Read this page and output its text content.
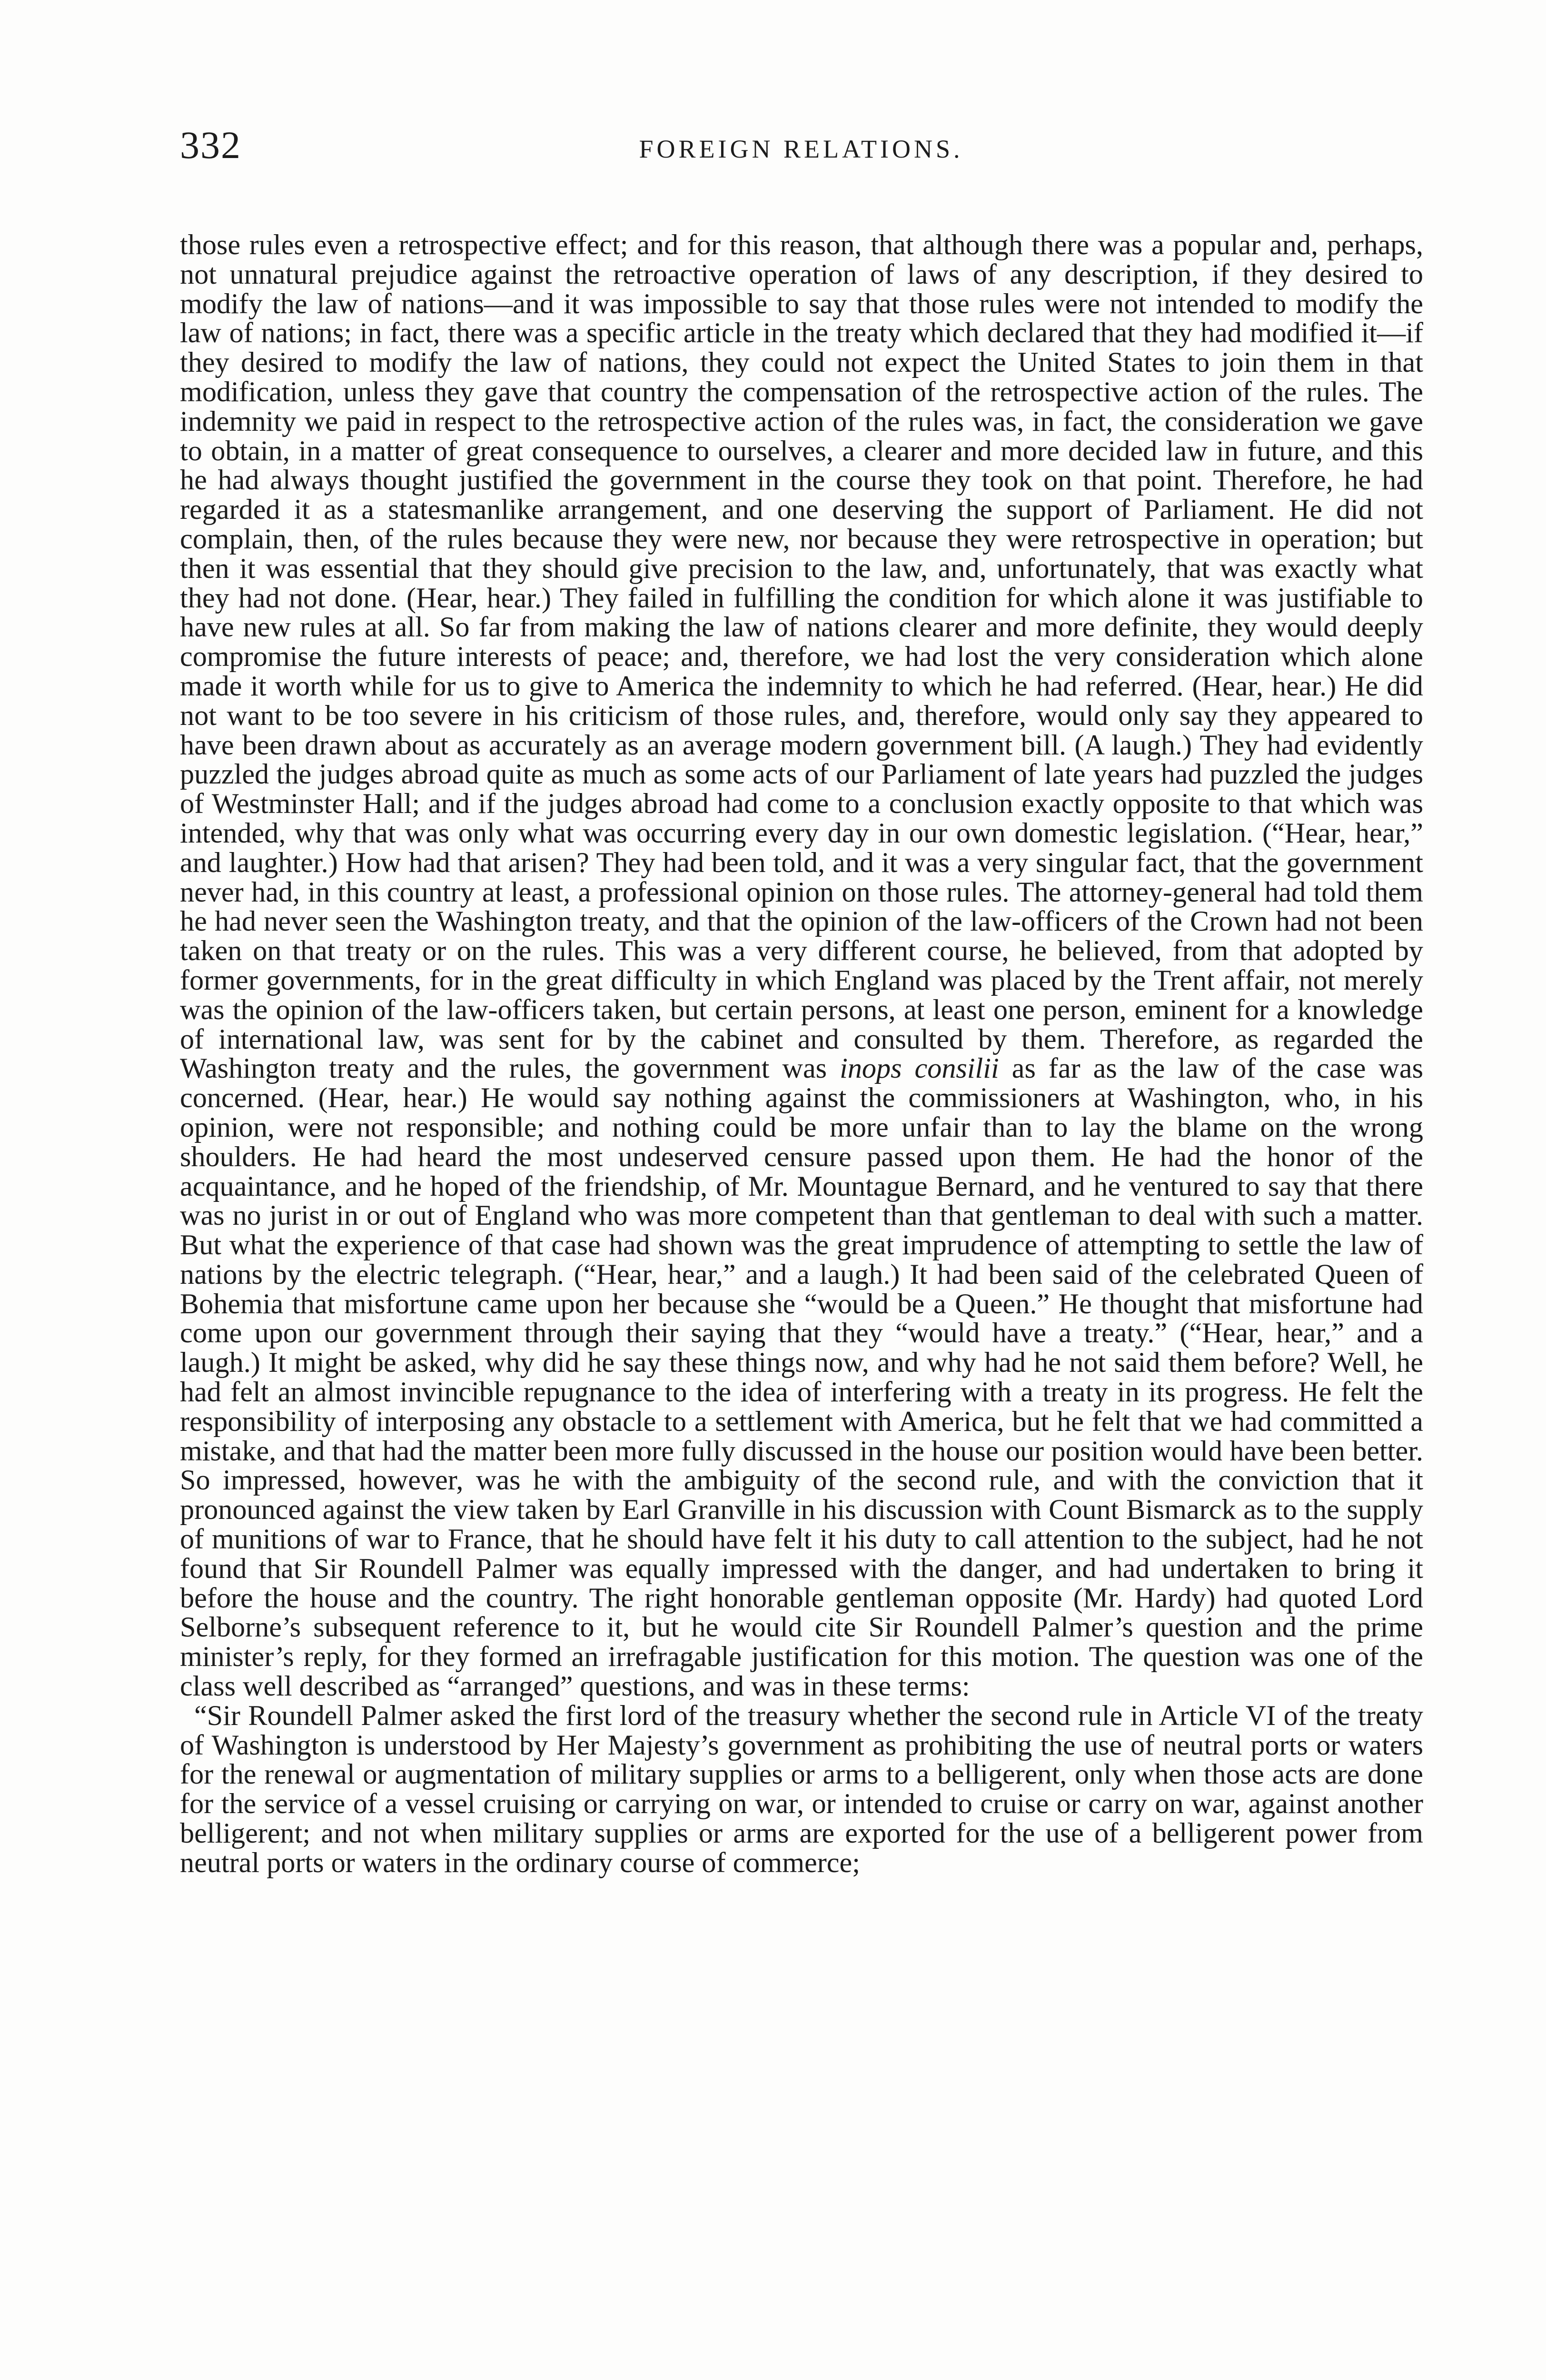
332	FOREIGN RELATIONS.

those rules even a retrospective effect; and for this reason, that although there was a popular and, perhaps, not unnatural prejudice against the retroactive operation of laws of any description, if they desired to modify the law of nations—and it was impossible to say that those rules were not intended to modify the law of nations; in fact, there was a specific article in the treaty which declared that they had modified it—if they desired to modify the law of nations, they could not expect the United States to join them in that modification, unless they gave that country the compensation of the retrospective action of the rules. The indemnity we paid in respect to the retrospective action of the rules was, in fact, the consideration we gave to obtain, in a matter of great consequence to ourselves, a clearer and more decided law in future, and this he had always thought justified the government in the course they took on that point. Therefore, he had regarded it as a statesmanlike arrangement, and one deserving the support of Parliament. He did not complain, then, of the rules because they were new, nor because they were retrospective in operation; but then it was essential that they should give precision to the law, and, unfortunately, that was exactly what they had not done. (Hear, hear.) They failed in fulfilling the condition for which alone it was justifiable to have new rules at all. So far from making the law of nations clearer and more definite, they would deeply compromise the future interests of peace; and, therefore, we had lost the very consideration which alone made it worth while for us to give to America the indemnity to which he had referred. (Hear, hear.) He did not want to be too severe in his criticism of those rules, and, therefore, would only say they appeared to have been drawn about as accurately as an average modern government bill. (A laugh.) They had evidently puzzled the judges abroad quite as much as some acts of our Parliament of late years had puzzled the judges of Westminster Hall; and if the judges abroad had come to a conclusion exactly opposite to that which was intended, why that was only what was occurring every day in our own domestic legislation. (“Hear, hear,” and laughter.) How had that arisen? They had been told, and it was a very singular fact, that the government never had, in this country at least, a professional opinion on those rules. The attorney-general had told them he had never seen the Washington treaty, and that the opinion of the law-officers of the Crown had not been taken on that treaty or on the rules. This was a very different course, he believed, from that adopted by former governments, for in the great difficulty in which England was placed by the Trent affair, not merely was the opinion of the law-officers taken, but certain persons, at least one person, eminent for a knowledge of international law, was sent for by the cabinet and consulted by them. Therefore, as regarded the Washington treaty and the rules, the government was inops consilii as far as the law of the case was concerned. (Hear, hear.) He would say nothing against the commissioners at Washington, who, in his opinion, were not responsible; and nothing could be more unfair than to lay the blame on the wrong shoulders. He had heard the most undeserved censure passed upon them. He had the honor of the acquaintance, and he hoped of the friendship, of Mr. Mountague Bernard, and he ventured to say that there was no jurist in or out of England who was more competent than that gentleman to deal with such a matter. But what the experience of that case had shown was the great imprudence of attempting to settle the law of nations by the electric telegraph. (“Hear, hear,” and a laugh.) It had been said of the celebrated Queen of Bohemia that misfortune came upon her because she “would be a Queen.” He thought that misfortune had come upon our government through their saying that they “would have a treaty.” (“Hear, hear,” and a laugh.) It might be asked, why did he say these things now, and why had he not said them before? Well, he had felt an almost invincible repugnance to the idea of interfering with a treaty in its progress. He felt the responsibility of interposing any obstacle to a settlement with America, but he felt that we had committed a mistake, and that had the matter been more fully discussed in the house our position would have been better. So impressed, however, was he with the ambiguity of the second rule, and with the conviction that it pronounced against the view taken by Earl Granville in his discussion with Count Bismarck as to the supply of munitions of war to France, that he should have felt it his duty to call attention to the subject, had he not found that Sir Roundell Palmer was equally impressed with the danger, and had undertaken to bring it before the house and the country. The right honorable gentleman opposite (Mr. Hardy) had quoted Lord Selborne’s subsequent reference to it, but he would cite Sir Roundell Palmer’s question and the prime minister’s reply, for they formed an irrefragable justification for this motion. The question was one of the class well described as “arranged” questions, and was in these terms:

“Sir Roundell Palmer asked the first lord of the treasury whether the second rule in Article VI of the treaty of Washington is understood by Her Majesty’s government as prohibiting the use of neutral ports or waters for the renewal or augmentation of military supplies or arms to a belligerent, only when those acts are done for the service of a vessel cruising or carrying on war, or intended to cruise or carry on war, against another belligerent; and not when military supplies or arms are exported for the use of a belligerent power from neutral ports or waters in the ordinary course of commerce;
